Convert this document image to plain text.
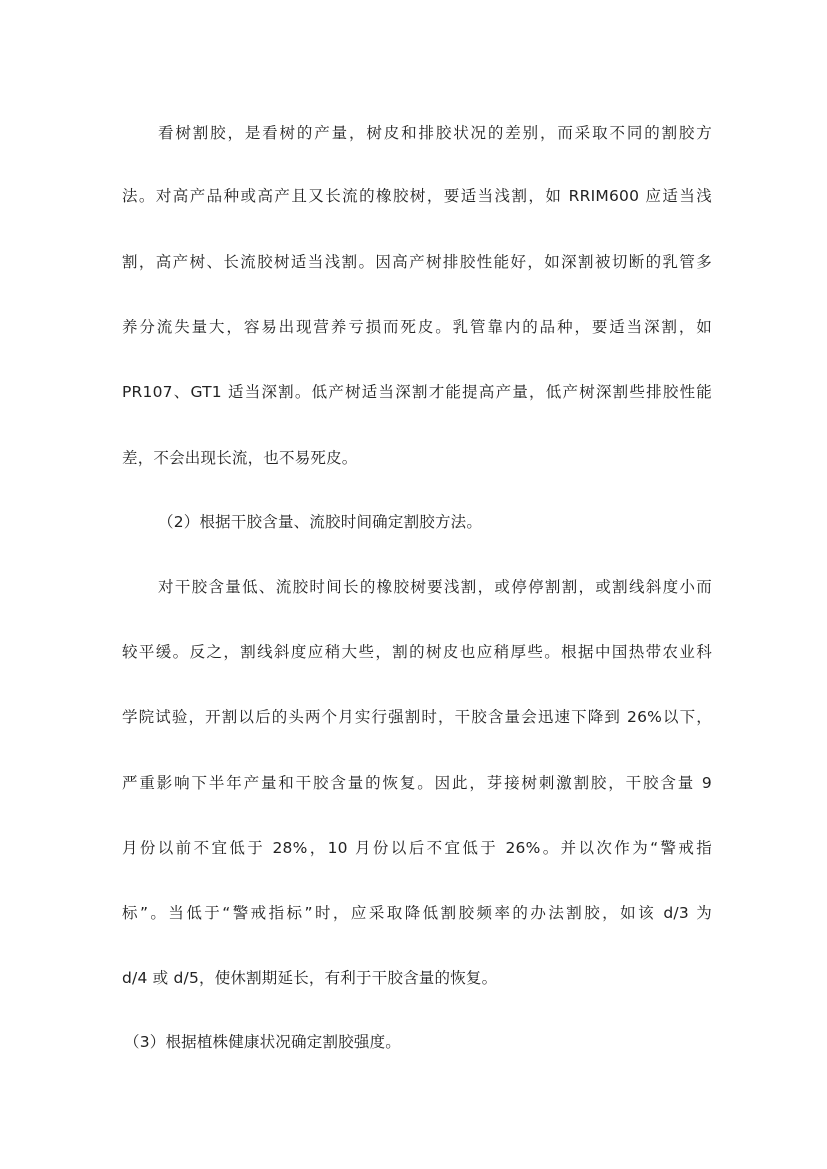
看树割胶，是看树的产量，树皮和排胶状况的差别，而采取不同的割胶方
法。对高产品种或高产且又长流的橡胶树，要适当浅割，如 RRIM600 应适当浅
割，高产树、长流胶树适当浅割。因高产树排胶性能好，如深割被切断的乳管多
养分流失量大，容易出现营养亏损而死皮。乳管靠内的品种，要适当深割，如
PR107、GT1 适当深割。低产树适当深割才能提高产量，低产树深割些排胶性能
差，不会出现长流，也不易死皮。
（2）根据干胶含量、流胶时间确定割胶方法。
对干胶含量低、流胶时间长的橡胶树要浅割，或停停割割，或割线斜度小而
较平缓。反之，割线斜度应稍大些，割的树皮也应稍厚些。根据中国热带农业科
学院试验，开割以后的头两个月实行强割时，干胶含量会迅速下降到 26%以下，
严重影响下半年产量和干胶含量的恢复。因此，芽接树刺激割胶，干胶含量 9
月份以前不宜低于 28%，10 月份以后不宜低于 26%。并以次作为“警戒指
标”。当低于“警戒指标”时，应采取降低割胶频率的办法割胶，如该 d/3 为
d/4 或 d/5，使休割期延长，有利于干胶含量的恢复。
（3）根据植株健康状况确定割胶强度。
